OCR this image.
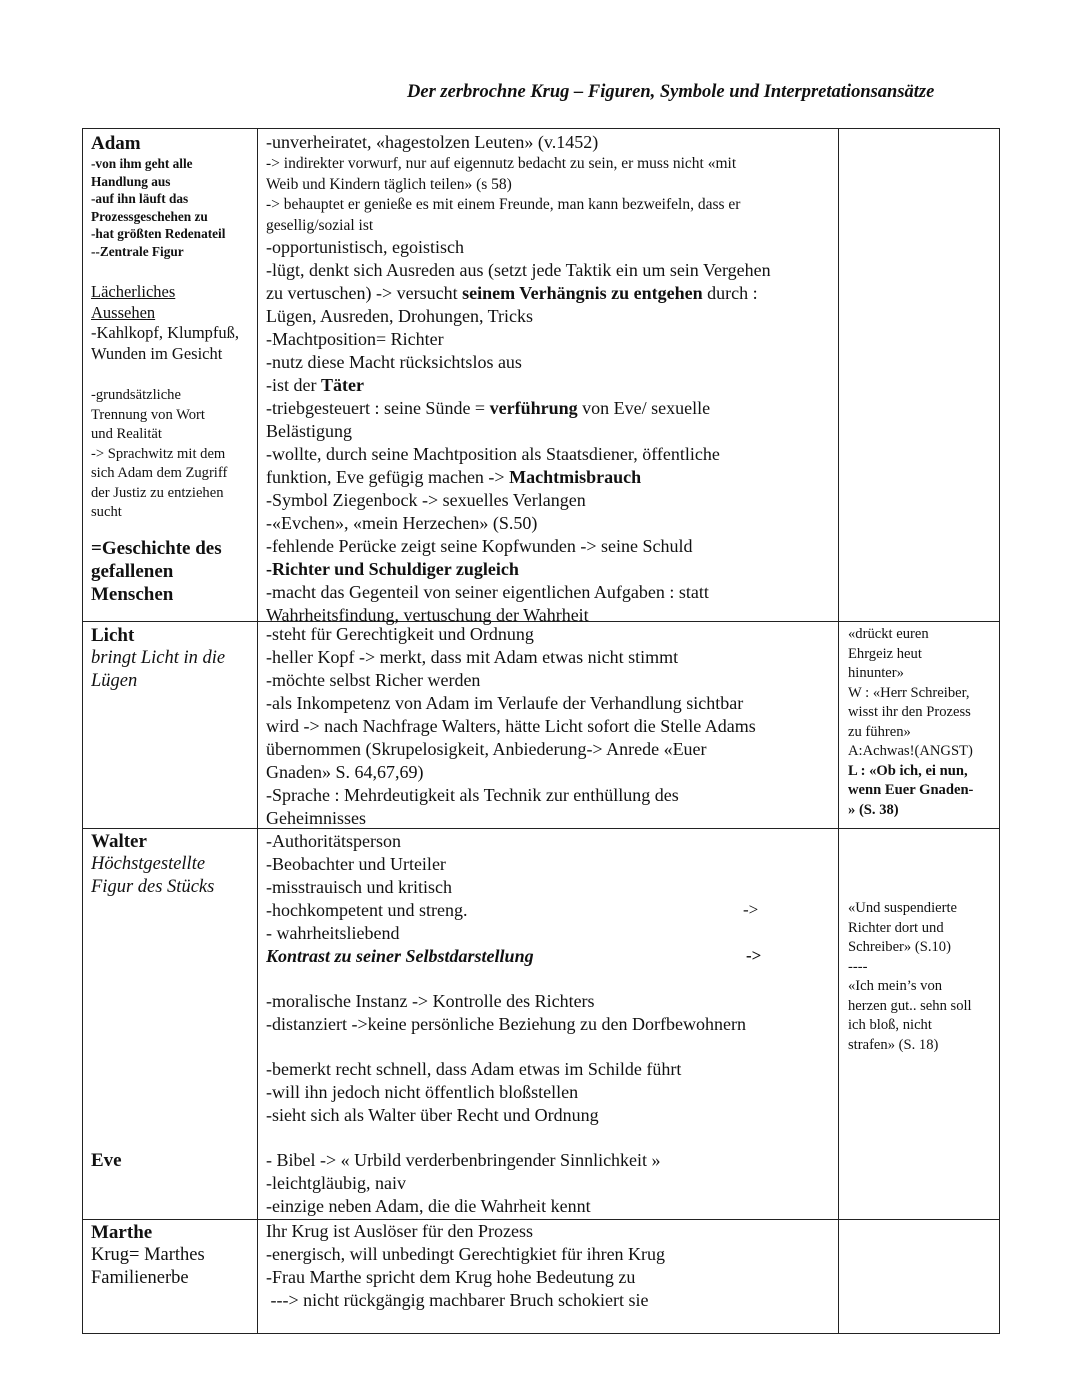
Der zerbrochne Krug – Figuren, Symbole und Interpretationsansätze
Adam
-von ihm geht alle
Handlung aus
-auf ihn läuft das
Prozessgeschehen zu
-hat größten Redenateil
--Zentrale Figur
Lächerliches
Aussehen
-Kahlkopf, Klumpfuß,
Wunden im Gesicht
-grundsätzliche
Trennung von Wort
und Realität
-> Sprachwitz mit dem
sich Adam dem Zugriff
der Justiz zu entziehen
sucht
=Geschichte des
gefallenen
Menschen
-unverheiratet, «hagestolzen Leuten» (v.1452)
-> indirekter vorwurf, nur auf eigennutz bedacht zu sein, er muss nicht «mit
Weib und Kindern täglich teilen» (s 58)
-> behauptet er genieße es mit einem Freunde, man kann bezweifeln, dass er
gesellig/sozial ist
-opportunistisch, egoistisch
-lügt, denkt sich Ausreden aus (setzt jede Taktik ein um sein Vergehen
zu vertuschen) -> versucht seinem Verhängnis zu entgehen durch :
Lügen, Ausreden, Drohungen, Tricks
-Machtposition= Richter
-nutz diese Macht rücksichtslos aus
-ist der Täter
-triebgesteuert : seine Sünde = verführung von Eve/ sexuelle
Belästigung
-wollte, durch seine Machtposition als Staatsdiener, öffentliche
funktion, Eve gefügig machen -> Machtmisbrauch
-Symbol Ziegenbock -> sexuelles Verlangen
-«Evchen», «mein Herzechen» (S.50)
-fehlende Perücke zeigt seine Kopfwunden -> seine Schuld
-Richter und Schuldiger zugleich
-macht das Gegenteil von seiner eigentlichen Aufgaben : statt
Wahrheitsfindung, vertuschung der Wahrheit
Licht
bringt Licht in die
Lügen
-steht für Gerechtigkeit und Ordnung
-heller Kopf -> merkt, dass mit Adam etwas nicht stimmt
-möchte selbst Richer werden
-als Inkompetenz von Adam im Verlaufe der Verhandlung sichtbar
wird -> nach Nachfrage Walters, hätte Licht sofort die Stelle Adams
übernommen (Skrupelosigkeit, Anbiederung-> Anrede «Euer
Gnaden» S. 64,67,69)
-Sprache : Mehrdeutigkeit als Technik zur enthüllung des
Geheimnisses
«drückt euren
Ehrgeiz heut
hinunter»
W : «Herr Schreiber,
wisst ihr den Prozess
zu führen»
A:Achwas!(ANGST)
L : «Ob ich, ei nun,
wenn Euer Gnaden-
» (S. 38)
Walter
Höchstgestellte
Figur des Stücks
-Authoritätsperson
-Beobachter und Urteiler
-misstrauisch und kritisch
-hochkompetent und streng.
- wahrheitsliebend
Kontrast zu seiner Selbstdarstellung
-moralische Instanz -> Kontrolle des Richters
-distanziert ->keine persönliche Beziehung zu den Dorfbewohnern
-bemerkt recht schnell, dass Adam etwas im Schilde führt
-will ihn jedoch nicht öffentlich bloßstellen
-sieht sich als Walter über Recht und Ordnung
- Bibel -> « Urbild verderbenbringender Sinnlichkeit »
-leichtgläubig, naiv
-einzige neben Adam, die die Wahrheit kennt
->
->
Eve
«Und suspendierte
Richter dort und
Schreiber» (S.10)
----
«Ich mein’s von
herzen gut.. sehn soll
ich bloß, nicht
strafen» (S. 18)
Marthe
Krug= Marthes
Familienerbe
Ihr Krug ist Auslöser für den Prozess
-energisch, will unbedingt Gerechtigkiet für ihren Krug
-Frau Marthe spricht dem Krug hohe Bedeutung zu
---> nicht rückgängig machbarer Bruch schokiert sie
